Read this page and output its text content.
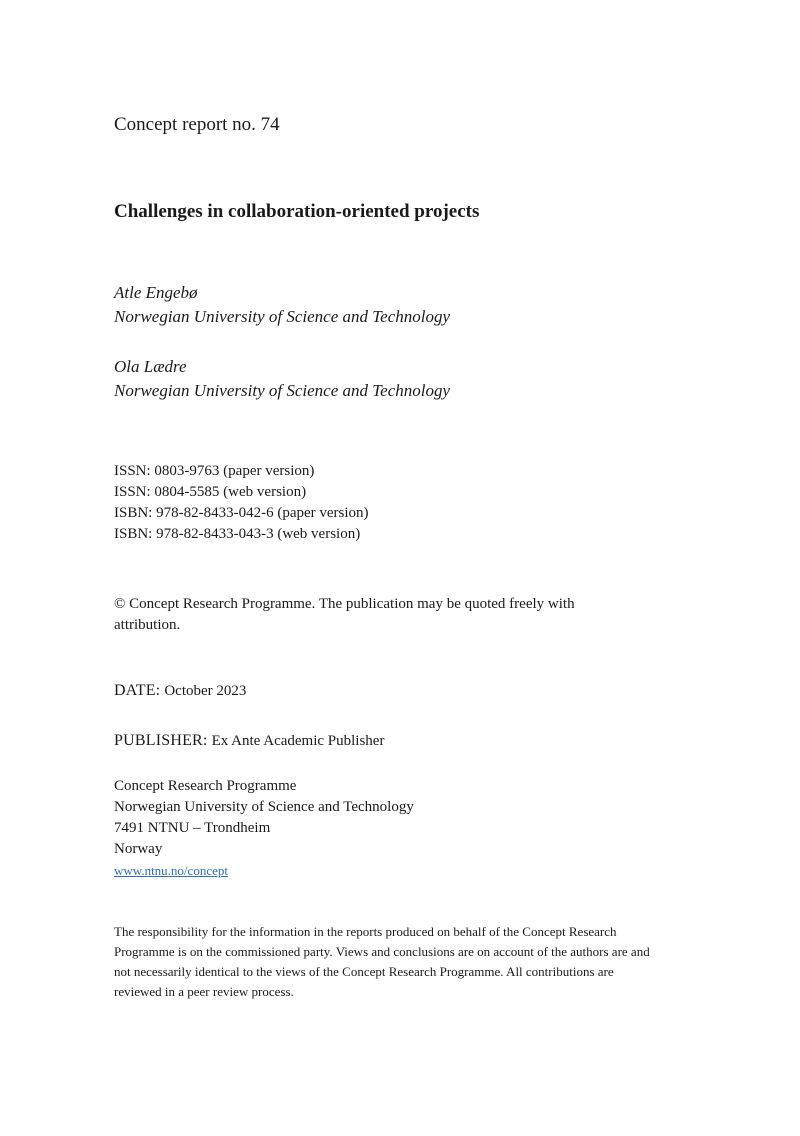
Concept report no. 74
Challenges in collaboration-oriented projects
Atle Engebø
Norwegian University of Science and Technology
Ola Lædre
Norwegian University of Science and Technology
ISSN: 0803-9763 (paper version)
ISSN: 0804-5585 (web version)
ISBN: 978-82-8433-042-6 (paper version)
ISBN: 978-82-8433-043-3 (web version)
© Concept Research Programme. The publication may be quoted freely with attribution.
DATE: October 2023
PUBLISHER: Ex Ante Academic Publisher
Concept Research Programme
Norwegian University of Science and Technology
7491 NTNU – Trondheim
Norway
www.ntnu.no/concept
The responsibility for the information in the reports produced on behalf of the Concept Research Programme is on the commissioned party. Views and conclusions are on account of the authors are and not necessarily identical to the views of the Concept Research Programme. All contributions are reviewed in a peer review process.
